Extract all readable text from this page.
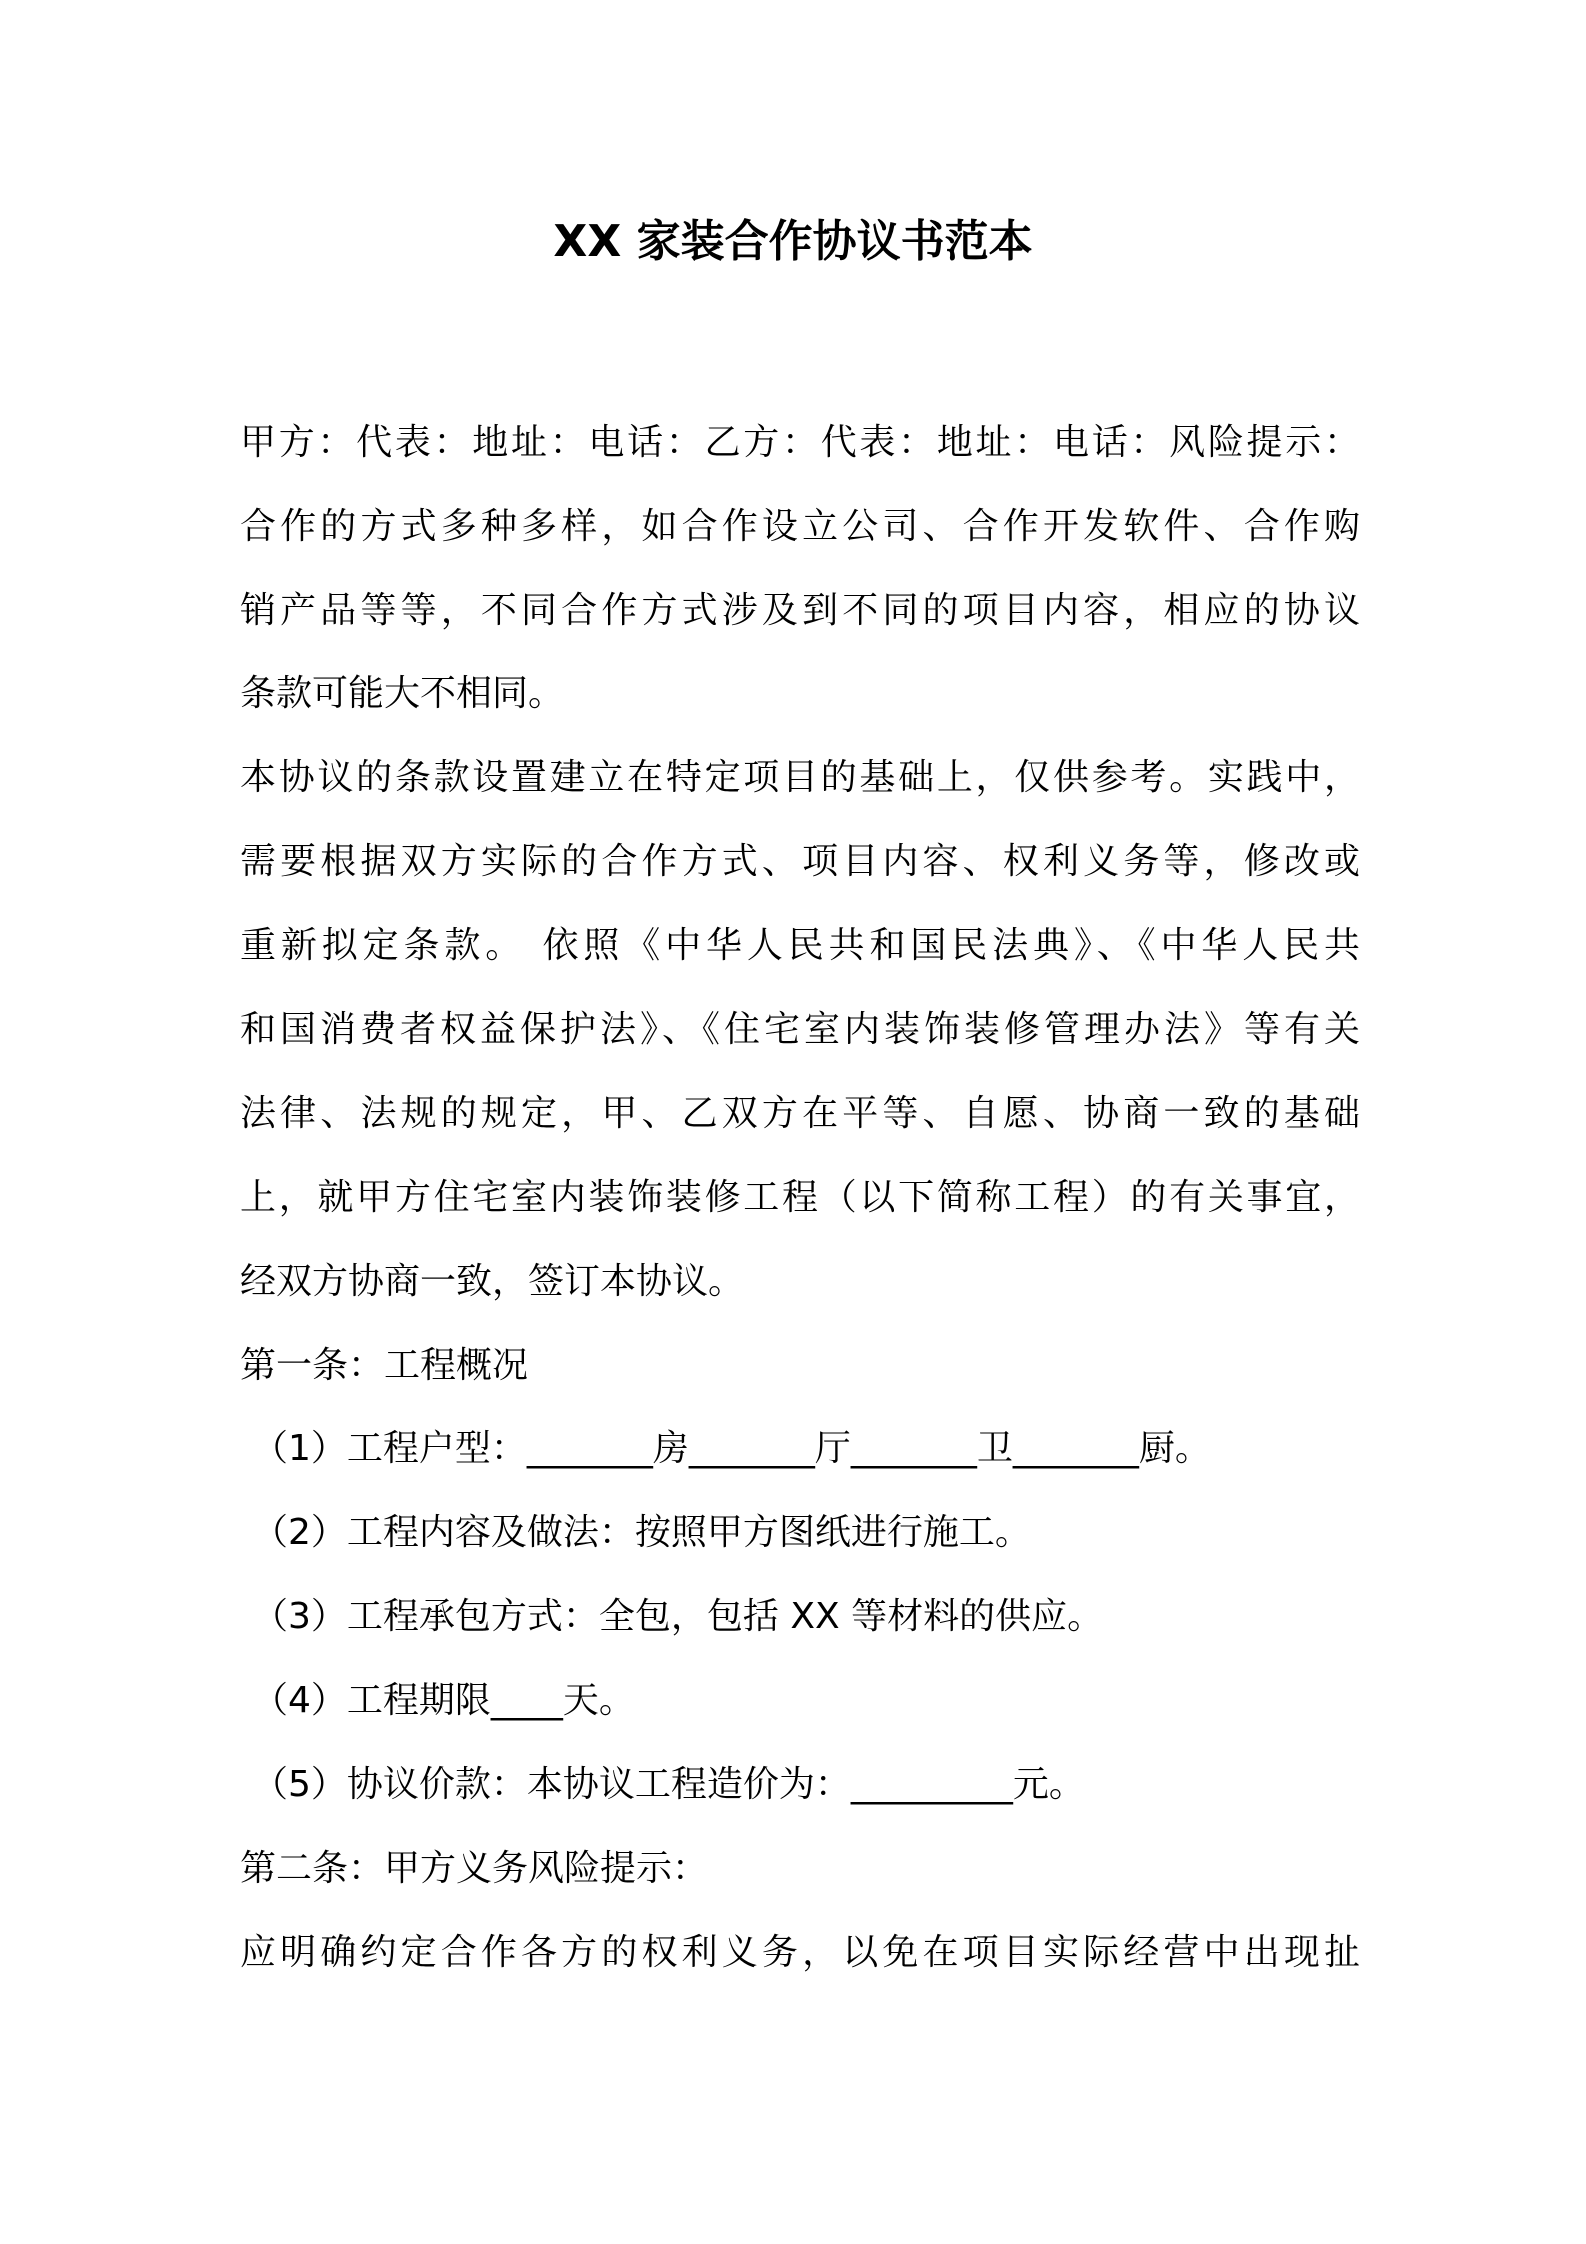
XX 家装合作协议书范本
甲方：代表：地址：电话：乙方：代表：地址：电话：风险提示：
合作的方式多种多样，如合作设立公司、合作开发软件、合作购
销产品等等，不同合作方式涉及到不同的项目内容，相应的协议
条款可能大不相同。
本协议的条款设置建立在特定项目的基础上，仅供参考。实践中，
需要根据双方实际的合作方式、项目内容、权利义务等，修改或
重新拟定条款。 依照《中华人民共和国民法典》、《中华人民共
和国消费者权益保护法》、《住宅室内装饰装修管理办法》等有关
法律、法规的规定，甲、乙双方在平等、自愿、协商一致的基础
上，就甲方住宅室内装饰装修工程（以下简称工程）的有关事宜，
经双方协商一致，签订本协议。
第一条：工程概况
（1）工程户型：_______房_______厅_______卫_______厨。
（2）工程内容及做法：按照甲方图纸进行施工。
（3）工程承包方式：全包，包括 XX 等材料的供应。
（4）工程期限____天。
（5）协议价款：本协议工程造价为：_________元。
第二条：甲方义务风险提示：
应明确约定合作各方的权利义务，以免在项目实际经营中出现扯
